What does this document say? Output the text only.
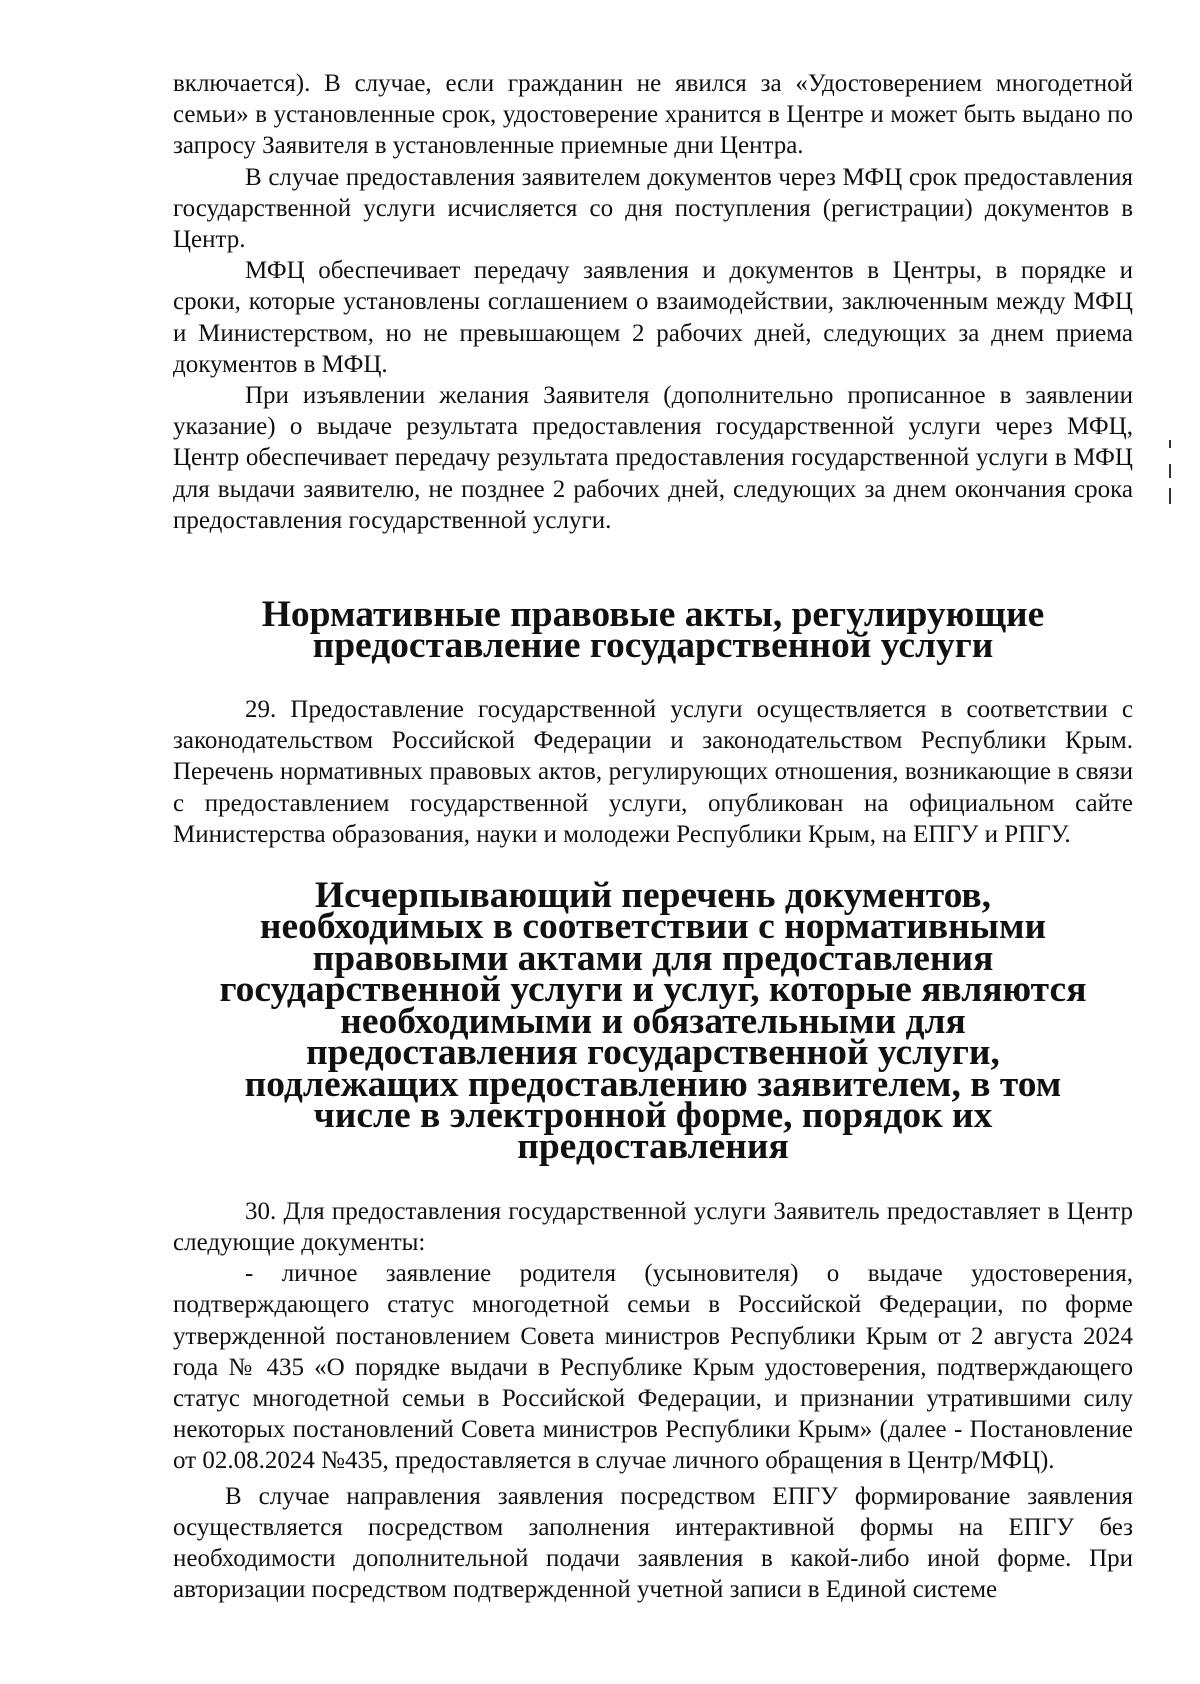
включается). В случае, если гражданин не явился за «Удостоверением многодетной семьи» в установленные срок, удостоверение хранится в Центре и может быть выдано по запросу Заявителя в установленные приемные дни Центра.

В случае предоставления заявителем документов через МФЦ срок предоставления государственной услуги исчисляется со дня поступления (регистрации) документов в Центр.

МФЦ обеспечивает передачу заявления и документов в Центры, в порядке и сроки, которые установлены соглашением о взаимодействии, заключенным между МФЦ и Министерством, но не превышающем 2 рабочих дней, следующих за днем приема документов в МФЦ.

При изъявлении желания Заявителя (дополнительно прописанное в заявлении указание) о выдаче результата предоставления государственной услуги через МФЦ, Центр обеспечивает передачу результата предоставления государственной услуги в МФЦ для выдачи заявителю, не позднее 2 рабочих дней, следующих за днем окончания срока предоставления государственной услуги.

Нормативные правовые акты, регулирующие предоставление государственной услуги

29. Предоставление государственной услуги осуществляется в соответствии с законодательством Российской Федерации и законодательством Республики Крым. Перечень нормативных правовых актов, регулирующих отношения, возникающие в связи с предоставлением государственной услуги, опубликован на официальном сайте Министерства образования, науки и молодежи Республики Крым, на ЕПГУ и РПГУ.

Исчерпывающий перечень документов, необходимых в соответствии с нормативными правовыми актами для предоставления государственной услуги и услуг, которые являются необходимыми и обязательными для предоставления государственной услуги, подлежащих предоставлению заявителем, в том числе в электронной форме, порядок их предоставления

30. Для предоставления государственной услуги Заявитель предоставляет в Центр следующие документы:

- личное заявление родителя (усыновителя) о выдаче удостоверения, подтверждающего статус многодетной семьи в Российской Федерации, по форме утвержденной постановлением Совета министров Республики Крым от 2 августа 2024 года № 435 «О порядке выдачи в Республике Крым удостоверения, подтверждающего статус многодетной семьи в Российской Федерации, и признании утратившими силу некоторых постановлений Совета министров Республики Крым» (далее - Постановление от 02.08.2024 №435, предоставляется в случае личного обращения в Центр/МФЦ).

В случае направления заявления посредством ЕПГУ формирование заявления осуществляется посредством заполнения интерактивной формы на ЕПГУ без необходимости дополнительной подачи заявления в какой-либо иной форме. При авторизации посредством подтвержденной учетной записи в Единой системе
